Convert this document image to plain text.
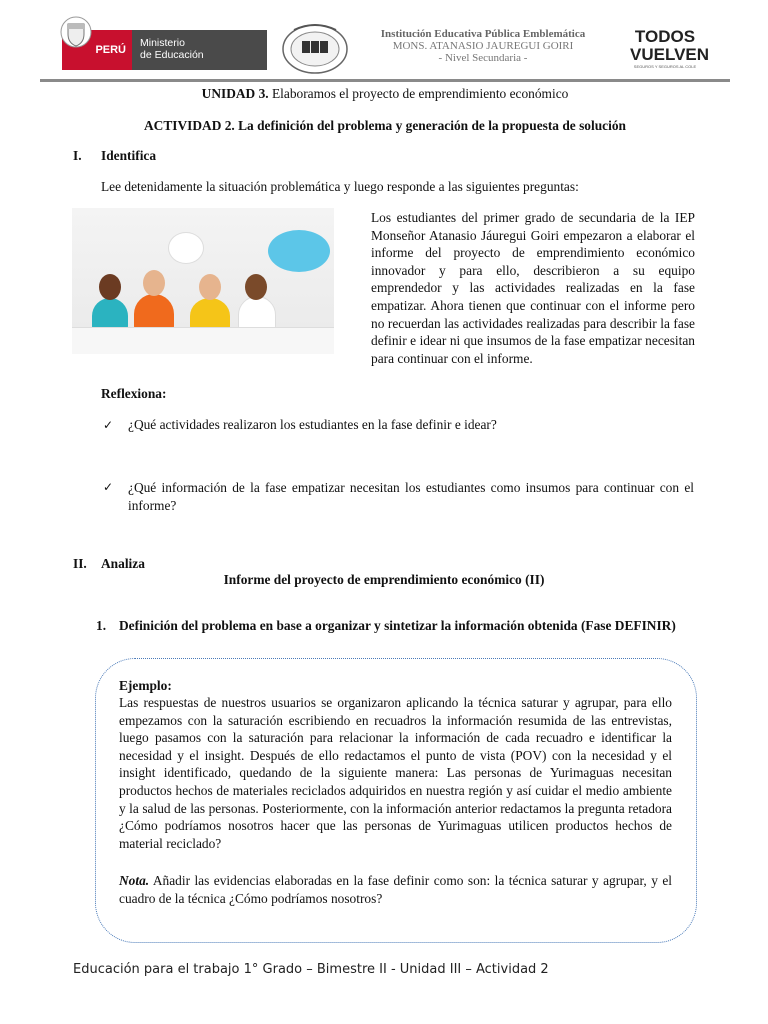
PERÚ
Ministerio
de Educación
Institución Educativa Pública Emblemática
MONS. ATANASIO JAUREGUI GOIRI
- Nivel Secundaria -
TODOS
VUELVEN
SEGUROS Y SEGUROS AL COLE
UNIDAD 3. Elaboramos el proyecto de emprendimiento económico
ACTIVIDAD 2. La definición del problema y generación de la propuesta de solución
I. Identifica
Lee detenidamente la situación problemática y luego responde a las siguientes preguntas:
Los estudiantes del primer grado de secundaria de la IEP Monseñor Atanasio Jáuregui Goiri empezaron a elaborar el informe del proyecto de emprendimiento económico innovador y para ello, describieron a su equipo emprendedor y las actividades realizadas en la fase empatizar. Ahora tienen que continuar con el informe pero no recuerdan las actividades realizadas para describir la fase definir e idear ni que insumos de la fase empatizar necesitan para continuar con el informe.
Reflexiona:
✓ ¿Qué actividades realizaron los estudiantes en la fase definir e idear?
✓ ¿Qué información de la fase empatizar necesitan los estudiantes como insumos para continuar con el informe?
II. Analiza
Informe del proyecto de emprendimiento económico (II)
1. Definición del problema en base a organizar y sintetizar la información obtenida (Fase DEFINIR)
Ejemplo:
Las respuestas de nuestros usuarios se organizaron aplicando la técnica saturar y agrupar, para ello empezamos con la saturación escribiendo en recuadros la información resumida de las entrevistas, luego pasamos con la saturación para relacionar la información de cada recuadro e identificar la necesidad y el insight. Después de ello redactamos el punto de vista (POV) con la necesidad y el insight identificado, quedando de la siguiente manera: Las personas de Yurimaguas necesitan productos hechos de materiales reciclados adquiridos en nuestra región y así cuidar el medio ambiente y la salud de las personas. Posteriormente, con la información anterior redactamos la pregunta retadora ¿Cómo podríamos nosotros hacer que las personas de Yurimaguas utilicen productos hechos de material reciclado?
Nota. Añadir las evidencias elaboradas en la fase definir como son: la técnica saturar y agrupar, y el cuadro de la técnica ¿Cómo podríamos nosotros?
Educación para el trabajo 1° Grado – Bimestre II - Unidad III – Actividad 2
